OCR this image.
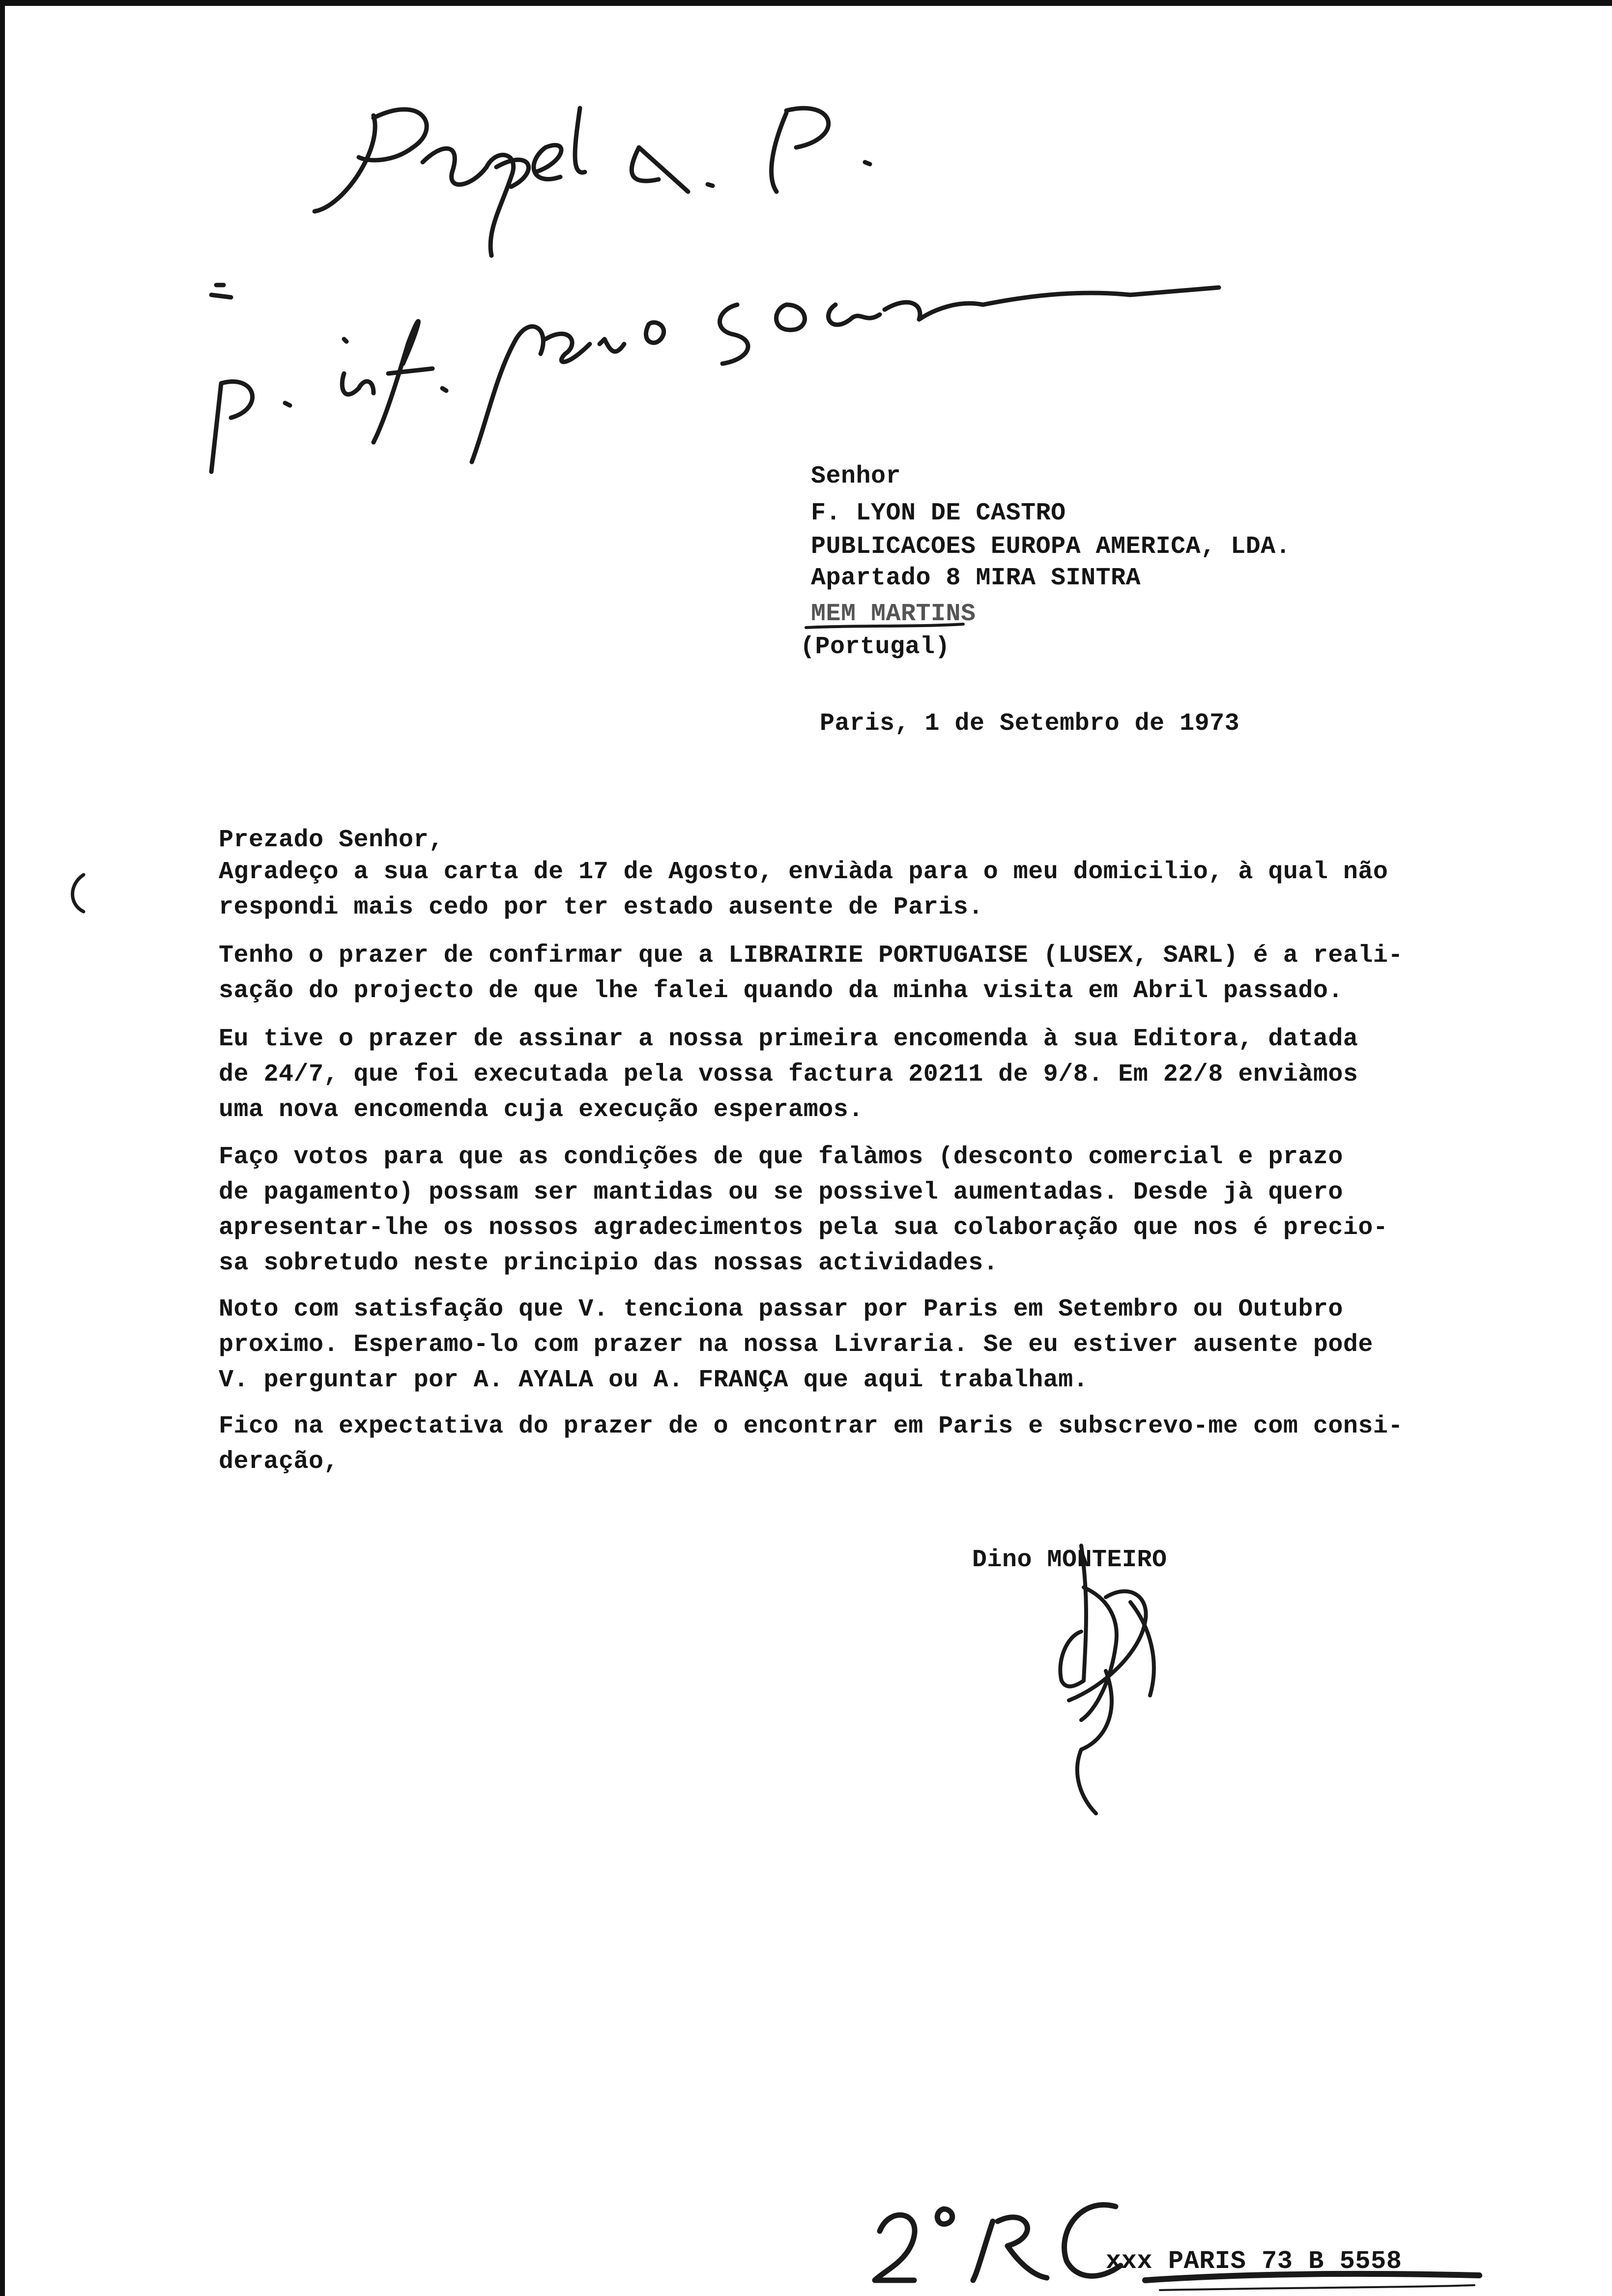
Senhor
F. LYON DE CASTRO
PUBLICACOES EUROPA AMERICA, LDA.
Apartado 8 MIRA SINTRA
MEM MARTINS
(Portugal)
Paris, 1 de Setembro de 1973
Prezado Senhor,
Agradeço a sua carta de 17 de Agosto, enviàda para o meu domicilio, à qual não
respondi mais cedo por ter estado ausente de Paris.
Tenho o prazer de confirmar que a LIBRAIRIE PORTUGAISE (LUSEX, SARL) é a reali-
sação do projecto de que lhe falei quando da minha visita em Abril passado.
Eu tive o prazer de assinar a nossa primeira encomenda à sua Editora, datada
de 24/7, que foi executada pela vossa factura 20211 de 9/8. Em 22/8 enviàmos
uma nova encomenda cuja execução esperamos.
Faço votos para que as condições de que falàmos (desconto comercial e prazo
de pagamento) possam ser mantidas ou se possivel aumentadas. Desde jà quero
apresentar-lhe os nossos agradecimentos pela sua colaboração que nos é precio-
sa sobretudo neste principio das nossas actividades.
Noto com satisfação que V. tenciona passar por Paris em Setembro ou Outubro
proximo. Esperamo-lo com prazer na nossa Livraria. Se eu estiver ausente pode
V. perguntar por A. AYALA ou A. FRANÇA que aqui trabalham.
Fico na expectativa do prazer de o encontrar em Paris e subscrevo-me com consi-
deração,
Dino MONTEIRO
xxx PARIS 73 B 5558
